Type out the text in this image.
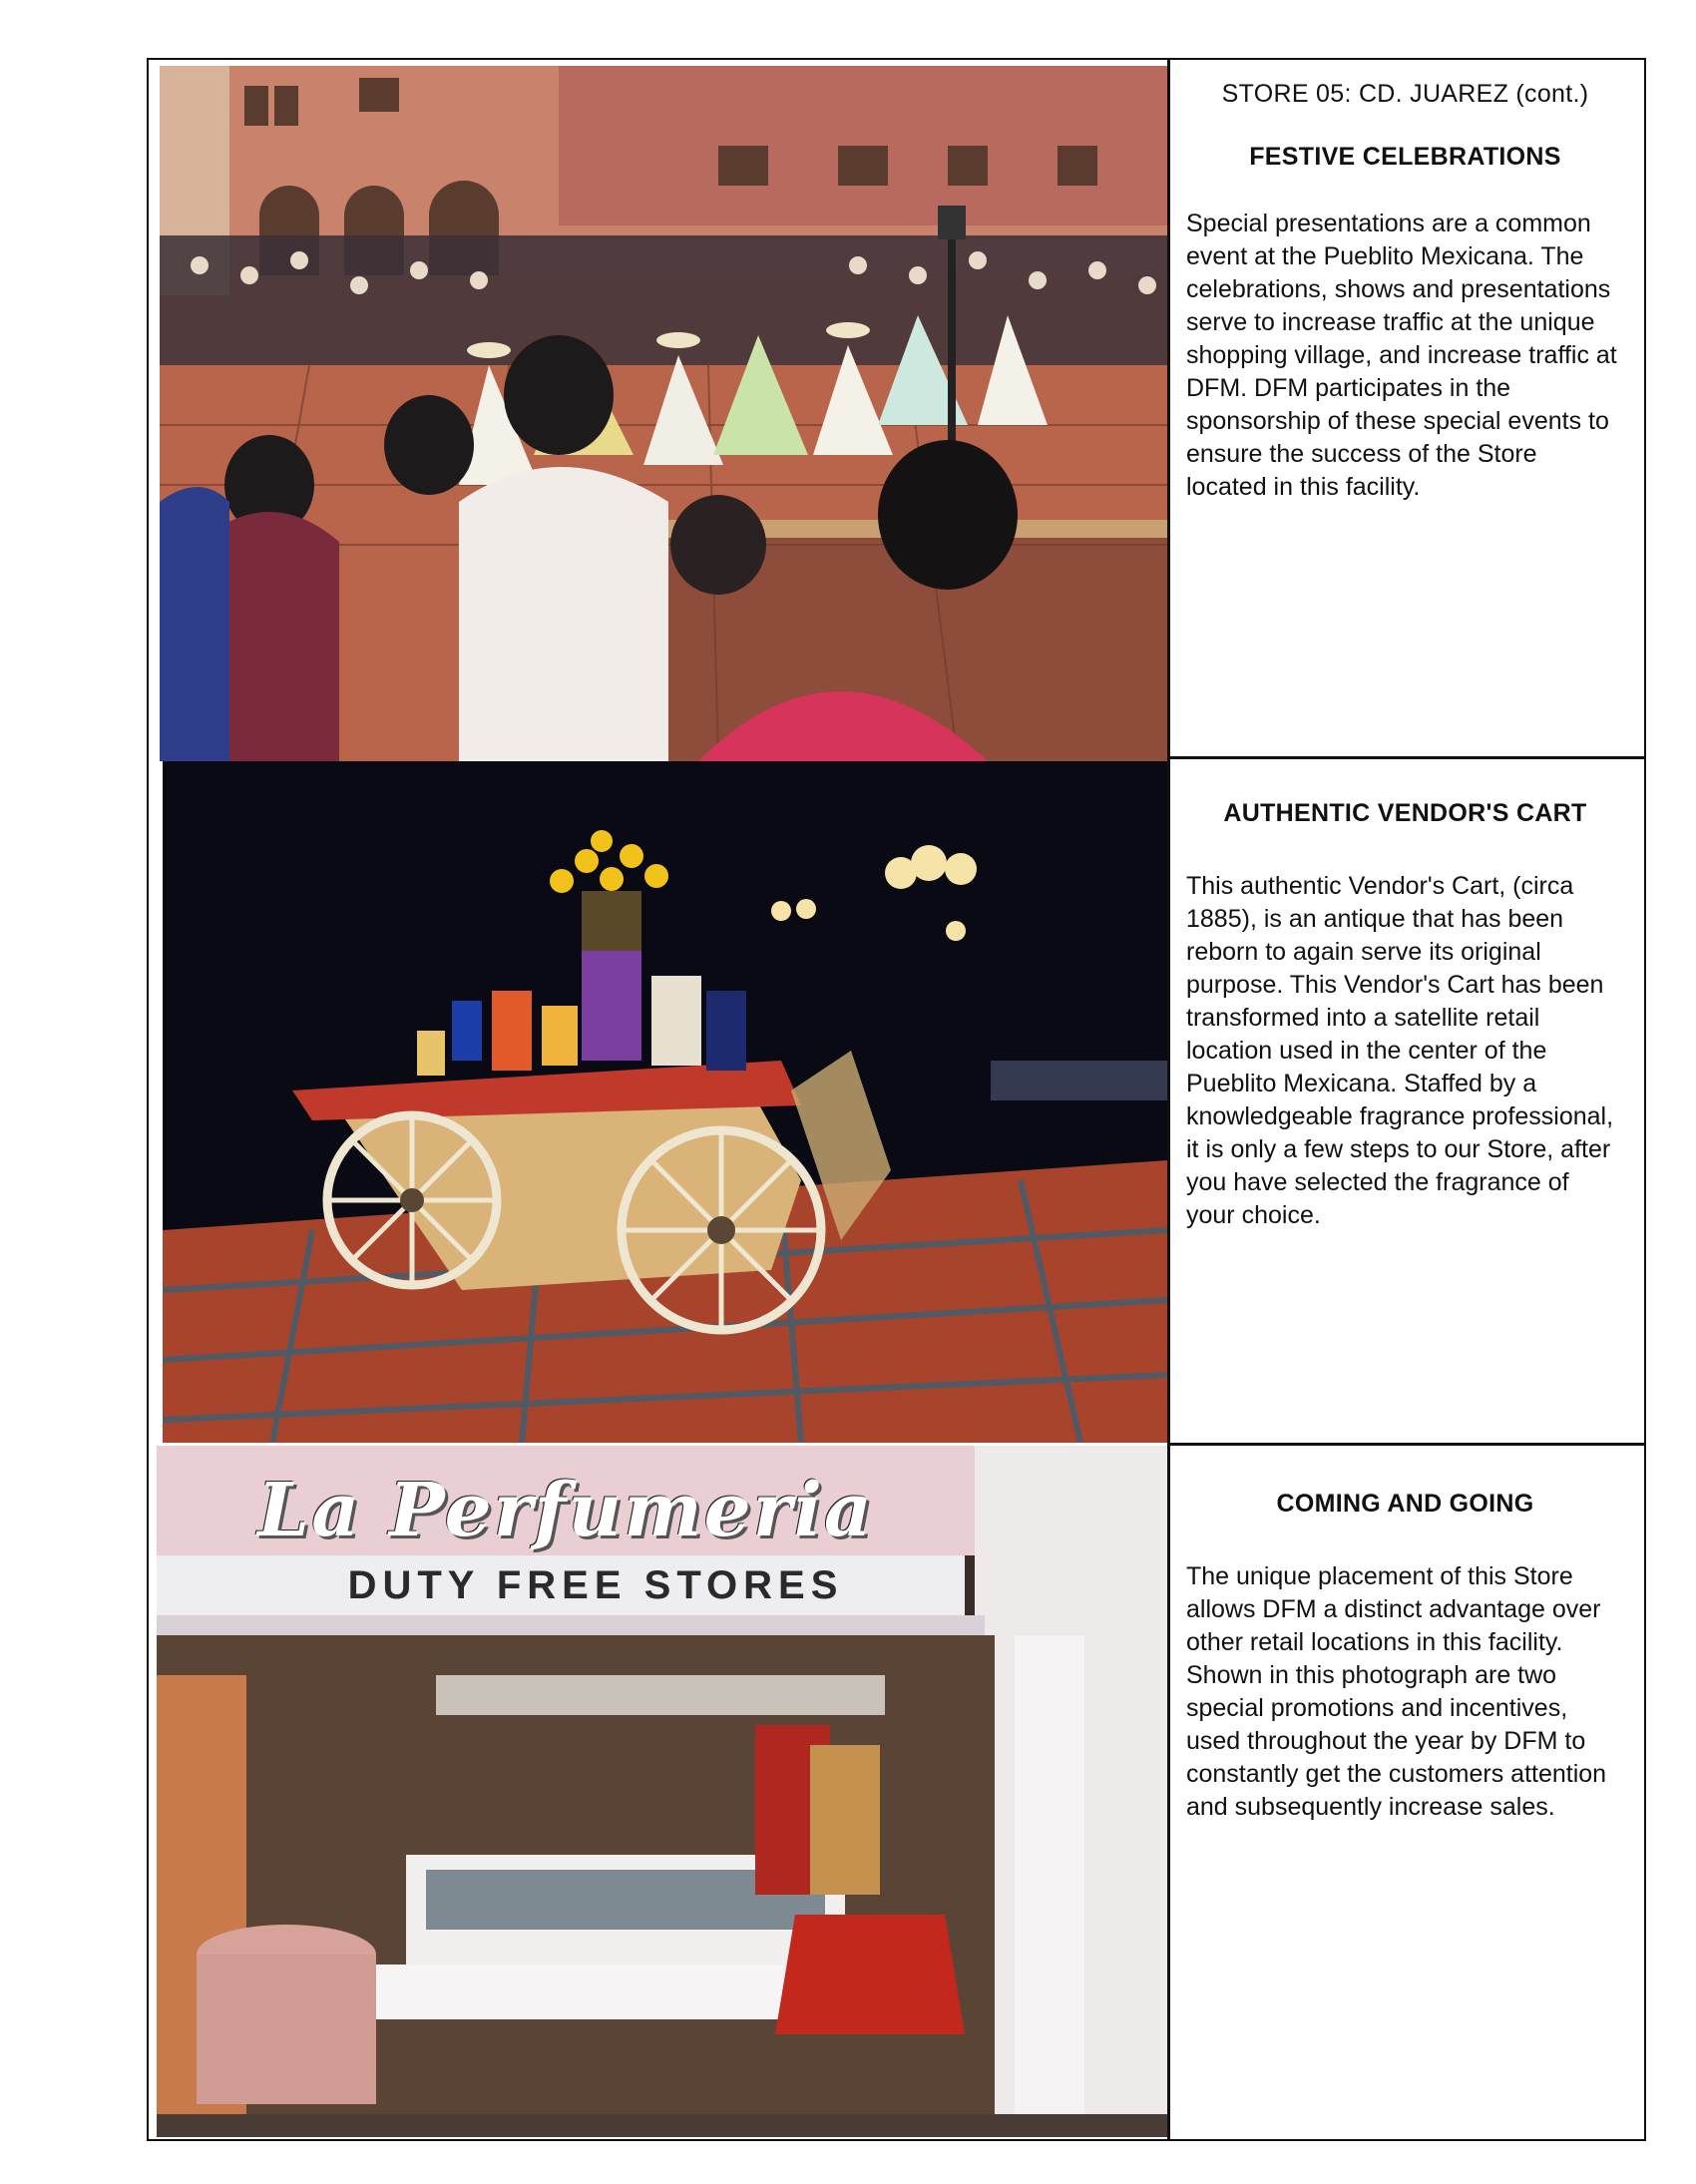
La Perfumeria
DUTY FREE STORES
STORE 05: CD. JUAREZ (cont.)
FESTIVE CELEBRATIONS
Special presentations are a common event at the Pueblito Mexicana. The celebrations, shows and presentations serve to increase traffic at the unique shopping village, and increase traffic at DFM. DFM participates in the sponsorship of these special events to ensure the success of the Store located in this facility.
AUTHENTIC VENDOR'S CART
This authentic Vendor's Cart, (circa 1885), is an antique that has been reborn to again serve its original purpose. This Vendor's Cart has been transformed into a satellite retail location used in the center of the Pueblito Mexicana. Staffed by a knowledgeable fragrance professional, it is only a few steps to our Store, after you have selected the fragrance of your choice.
COMING AND GOING
The unique placement of this Store allows DFM a distinct advantage over other retail locations in this facility. Shown in this photograph are two special promotions and incentives, used throughout the year by DFM to constantly get the customers attention and subsequently increase sales.
